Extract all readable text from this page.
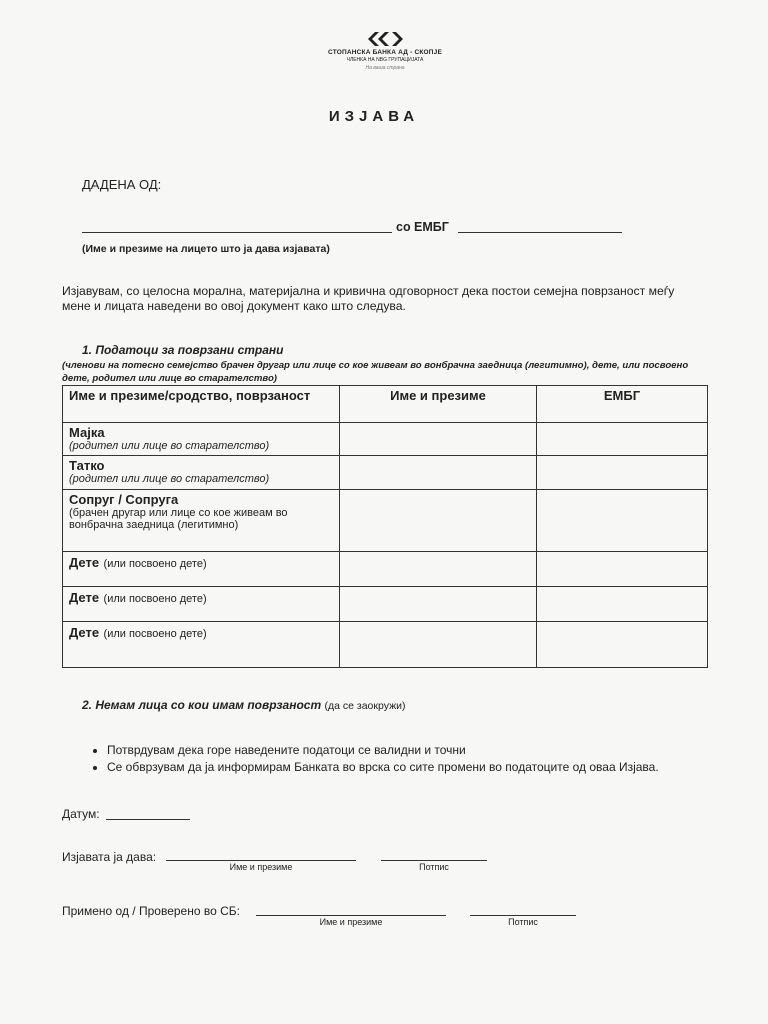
СТОПАНСКА БАНКА АД - СКОПЈЕ
ЧЛЕНКА НА NBG ГРУПАЦИЈАТА
На ваша страна
ИЗЈАВА
ДАДЕНА ОД:
со ЕМБГ
(Име и презиме на лицето што ја дава изјавата)
Изјавувам, со целосна морална, материјална и кривична одговорност дека постои семејна поврзаност меѓу мене и лицата наведени во овој документ како што следува.
1. Податоци за поврзани страни
(членови на потесно семејство брачен другар или лице со кое живеам во вонбрачна заедница (легитимно), дете, или посвоено дете, родител или лице во старателство)
Име и презиме/сродство, поврзаност	Име и презиме	ЕМБГ

Мајка
(родител или лице во старателство)		

Татко
(родител или лице во старателство)		

Сопруг / Сопруга
(брачен другар или лице со кое живеам во вонбрачна заедница (легитимно)		

Дете (или посвоено дете)		
Дете (или посвоено дете)		
Дете (или посвоено дете)		
2. Немам лица со кои имам поврзаност (да се заокружи)
• Потврдувам дека горе наведените податоци се валидни и точни
• Се обврзувам да ја информирам Банката во врска со сите промени во податоците од оваа Изјава.
Датум:
Изјавата ја дава:
Име и презиме	Потпис
Примено од / Проверено во СБ:
Име и презиме	Потпис
